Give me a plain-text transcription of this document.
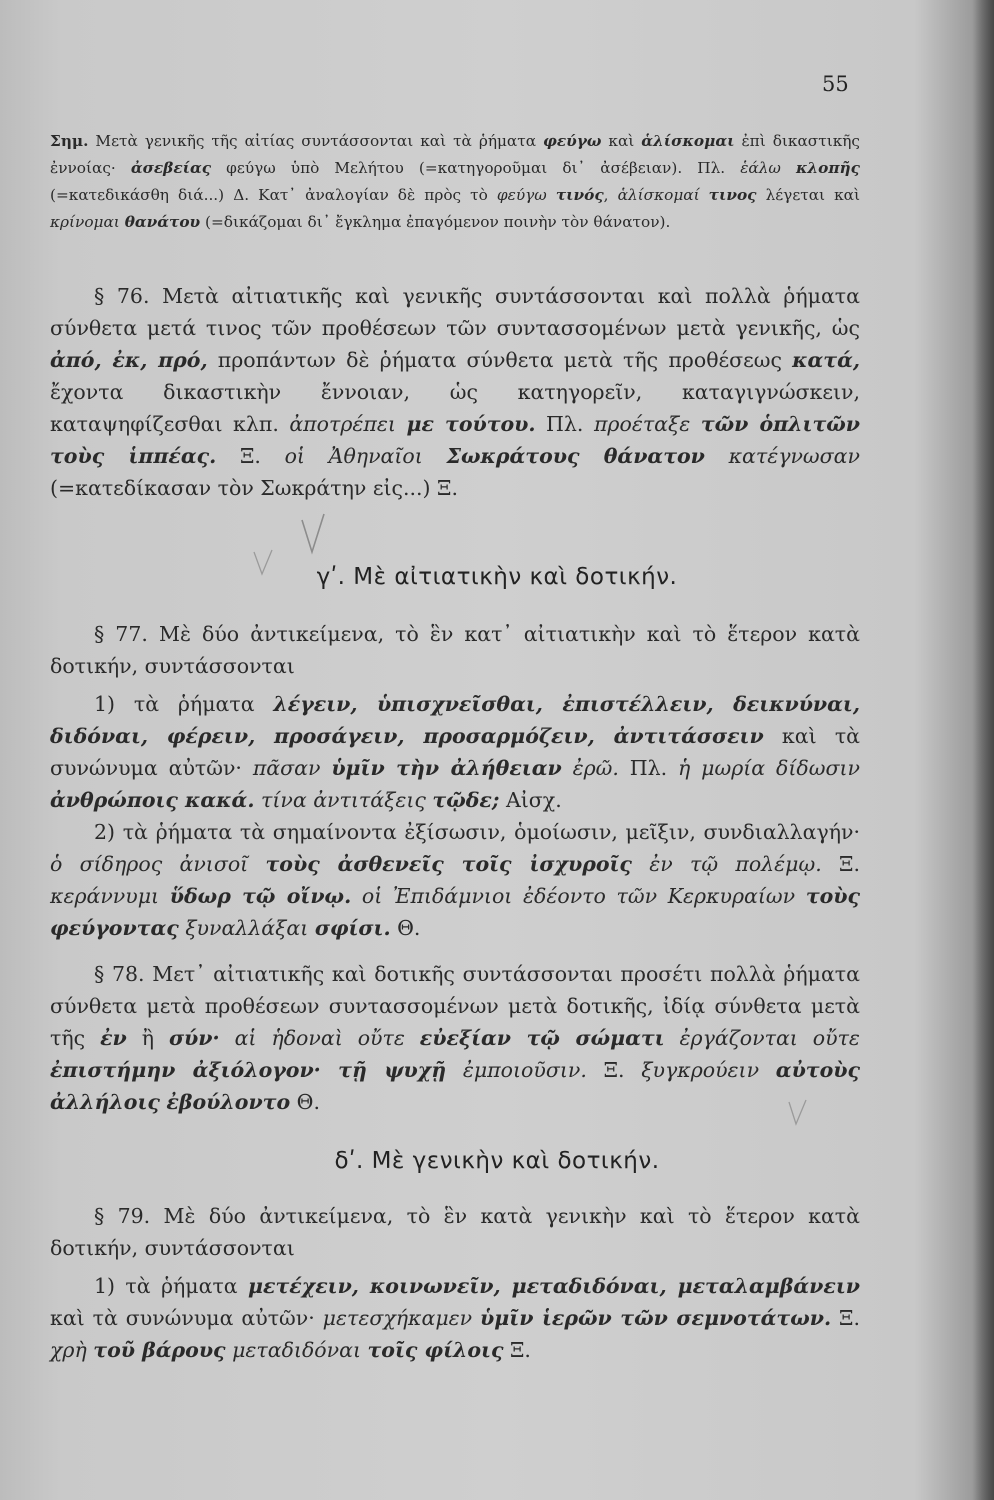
55

Σημ. Μετὰ γενικῆς τῆς αἰτίας συντάσσονται καὶ τὰ ῥήματα φεύγω καὶ ἁλίσκομαι ἐπὶ δικαστικῆς ἐννοίας· ἀσεβείας φεύγω ὑπὸ Μελήτου (=κατηγοροῦμαι δι᾿ ἀσέβειαν). Πλ. ἑάλω κλοπῆς (=κατεδικάσθη διά...) Δ. Κατ᾿ ἀναλογίαν δὲ πρὸς τὸ φεύγω τινός, ἁλίσκομαί τινος λέγεται καὶ κρίνομαι θανάτου (=δικάζομαι δι᾿ ἔγκλημα ἐπαγόμενον ποινὴν τὸν θάνατον).

§ 76. Μετὰ αἰτιατικῆς καὶ γενικῆς συντάσσονται καὶ πολλὰ ῥήματα σύνθετα μετά τινος τῶν προθέσεων τῶν συντασσομένων μετὰ γενικῆς, ὡς ἀπό, ἐκ, πρό, προπάντων δὲ ῥήματα σύνθετα μετὰ τῆς προθέσεως κατά, ἔχοντα δικαστικὴν ἔννοιαν, ὡς κατηγορεῖν, καταγιγνώσκειν, καταψηφίζεσθαι κλπ. ἀποτρέπει με τούτου. Πλ. προέταξε τῶν ὁπλιτῶν τοὺς ἱππέας. Ξ. οἱ Ἀθηναῖοι Σωκράτους θάνατον κατέγνωσαν (=κατεδίκασαν τὸν Σωκράτην εἰς...) Ξ.

γʹ. Μὲ αἰτιατικὴν καὶ δοτικήν.

§ 77. Μὲ δύο ἀντικείμενα, τὸ ἓν κατ᾿ αἰτιατικὴν καὶ τὸ ἕτερον κατὰ δοτικήν, συντάσσονται

1) τὰ ῥήματα λέγειν, ὑπισχνεῖσθαι, ἐπιστέλλειν, δεικνύναι, διδόναι, φέρειν, προσάγειν, προσαρμόζειν, ἀντιτάσσειν καὶ τὰ συνώνυμα αὐτῶν· πᾶσαν ὑμῖν τὴν ἀλήθειαν ἐρῶ. Πλ. ἡ μωρία δίδωσιν ἀνθρώποις κακά. τίνα ἀντιτάξεις τῷδε; Αἰσχ.

2) τὰ ῥήματα τὰ σημαίνοντα ἐξίσωσιν, ὁμοίωσιν, μεῖξιν, συνδιαλλαγήν· ὁ σίδηρος ἀνισοῖ τοὺς ἀσθενεῖς τοῖς ἰσχυροῖς ἐν τῷ πολέμῳ. Ξ. κεράννυμι ὕδωρ τῷ οἴνῳ. οἱ Ἐπιδάμνιοι ἐδέοντο τῶν Κερκυραίων τοὺς φεύγοντας ξυναλλάξαι σφίσι. Θ.

§ 78. Μετ᾿ αἰτιατικῆς καὶ δοτικῆς συντάσσονται προσέτι πολλὰ ῥήματα σύνθετα μετὰ προθέσεων συντασσομένων μετὰ δοτικῆς, ἰδίᾳ σύνθετα μετὰ τῆς ἐν ἢ σύν· αἱ ἡδοναὶ οὔτε εὐεξίαν τῷ σώματι ἐργάζονται οὔτε ἐπιστήμην ἀξιόλογον· τῇ ψυχῇ ἐμποιοῦσιν. Ξ. ξυγκρούειν αὐτοὺς ἀλλήλοις ἐβούλοντο Θ.

δʹ. Μὲ γενικὴν καὶ δοτικήν.

§ 79. Μὲ δύο ἀντικείμενα, τὸ ἓν κατὰ γενικὴν καὶ τὸ ἕτερον κατὰ δοτικήν, συντάσσονται

1) τὰ ῥήματα μετέχειν, κοινωνεῖν, μεταδιδόναι, μεταλαμβάνειν καὶ τὰ συνώνυμα αὐτῶν· μετεσχήκαμεν ὑμῖν ἱερῶν τῶν σεμνοτάτων. Ξ. χρὴ τοῦ βάρους μεταδιδόναι τοῖς φίλοις Ξ.
